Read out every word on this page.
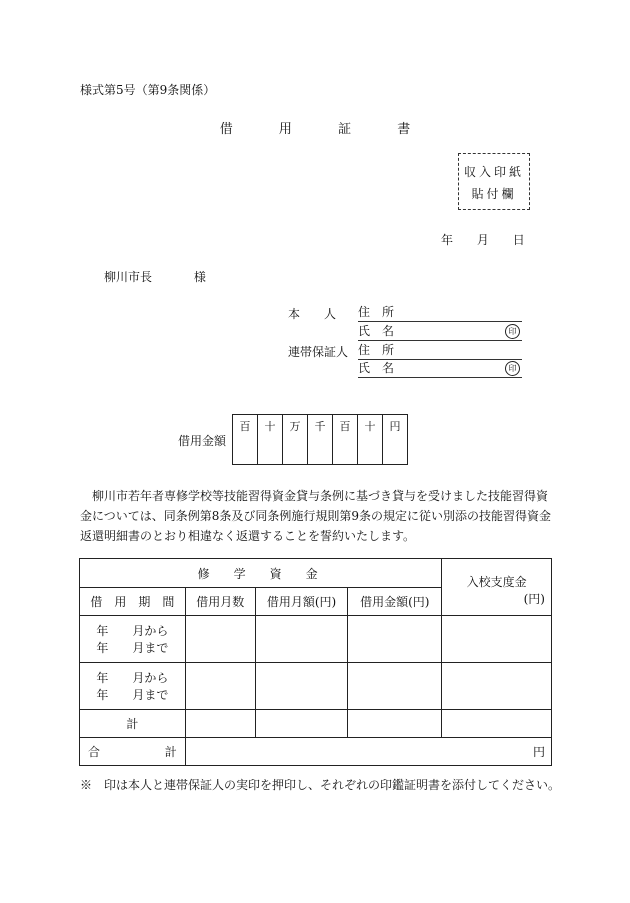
様式第5号（第9条関係）
借	用	証	書
収入印紙
貼付欄
年 月 日
柳川市長	様
本　　人 住　所
氏　名	印
連帯保証人 住　所
氏　名	印
借用金額
百	十	万	千	百	十	円
柳川市若年者専修学校等技能習得資金貸与条例に基づき貸与を受けました技能習得資金については、同条例第8条及び同条例施行規則第9条の規定に従い別添の技能習得資金返還明細書のとおり相違なく返還することを誓約いたします。
修　学　資　金				入校支度金
(円)

借　用　期　間	借用月数	借用月額(円)	借用金額(円)	

年　　月から
年　　月まで				

年　　月から
年　　月まで				

計				
合 計	円			
※　印は本人と連帯保証人の実印を押印し、それぞれの印鑑証明書を添付してください。
